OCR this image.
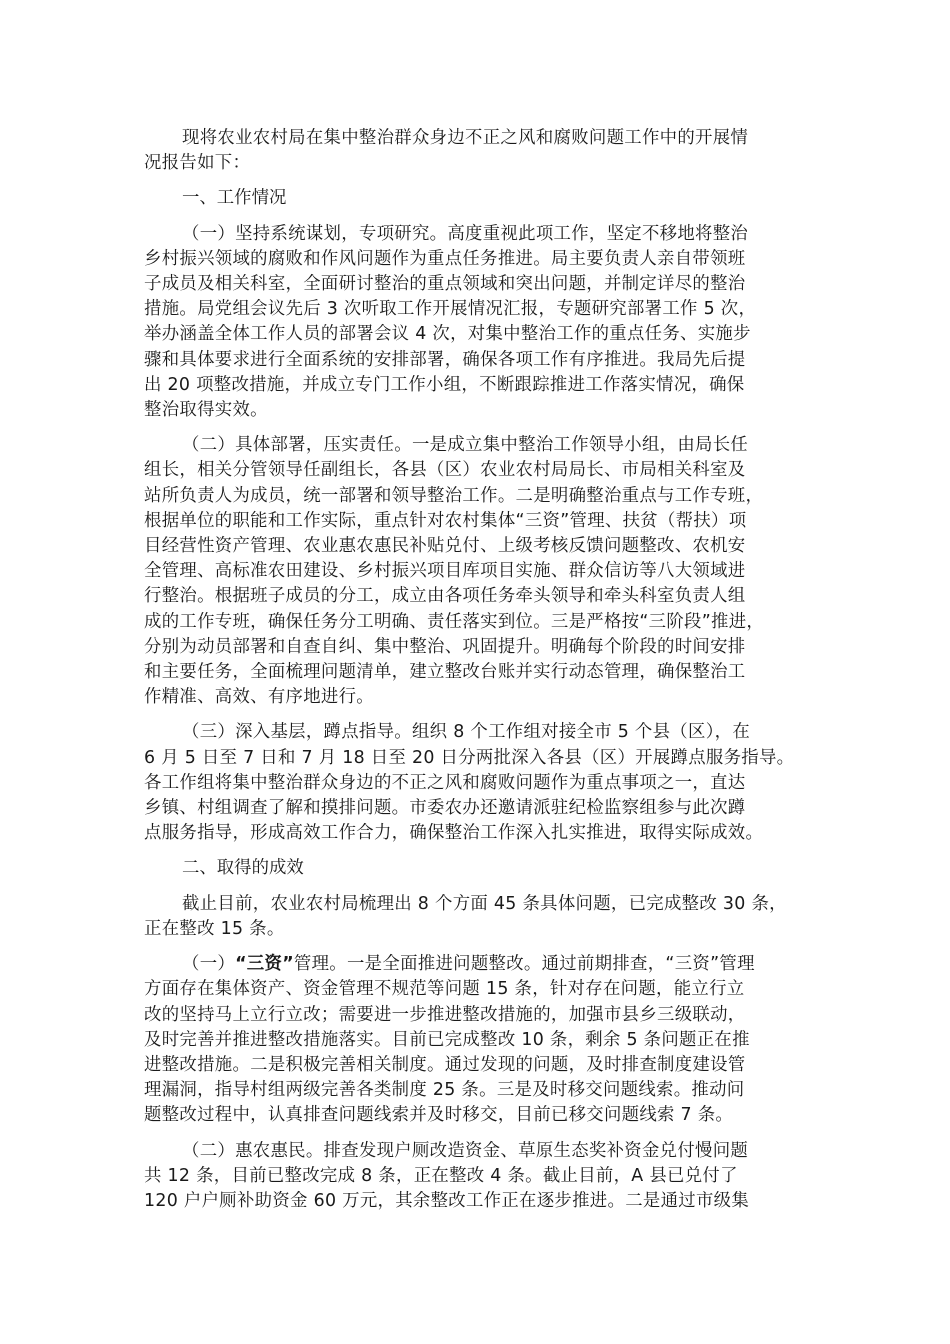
现将农业农村局在集中整治群众身边不正之风和腐败问题工作中的开展情
况报告如下：

一、工作情况

（一）坚持系统谋划，专项研究。高度重视此项工作，坚定不移地将整治
乡村振兴领域的腐败和作风问题作为重点任务推进。局主要负责人亲自带领班
子成员及相关科室，全面研讨整治的重点领域和突出问题，并制定详尽的整治
措施。局党组会议先后 3 次听取工作开展情况汇报，专题研究部署工作 5 次，
举办涵盖全体工作人员的部署会议 4 次，对集中整治工作的重点任务、实施步
骤和具体要求进行全面系统的安排部署，确保各项工作有序推进。我局先后提
出 20 项整改措施，并成立专门工作小组，不断跟踪推进工作落实情况，确保
整治取得实效。

（二）具体部署，压实责任。一是成立集中整治工作领导小组，由局长任
组长，相关分管领导任副组长，各县（区）农业农村局局长、市局相关科室及
站所负责人为成员，统一部署和领导整治工作。二是明确整治重点与工作专班，
根据单位的职能和工作实际，重点针对农村集体“三资”管理、扶贫（帮扶）项
目经营性资产管理、农业惠农惠民补贴兑付、上级考核反馈问题整改、农机安
全管理、高标准农田建设、乡村振兴项目库项目实施、群众信访等八大领域进
行整治。根据班子成员的分工，成立由各项任务牵头领导和牵头科室负责人组
成的工作专班，确保任务分工明确、责任落实到位。三是严格按“三阶段”推进，
分别为动员部署和自查自纠、集中整治、巩固提升。明确每个阶段的时间安排
和主要任务，全面梳理问题清单，建立整改台账并实行动态管理，确保整治工
作精准、高效、有序地进行。

（三）深入基层，蹲点指导。组织 8 个工作组对接全市 5 个县（区），在
6 月 5 日至 7 日和 7 月 18 日至 20 日分两批深入各县（区）开展蹲点服务指导。
各工作组将集中整治群众身边的不正之风和腐败问题作为重点事项之一，直达
乡镇、村组调查了解和摸排问题。市委农办还邀请派驻纪检监察组参与此次蹲
点服务指导，形成高效工作合力，确保整治工作深入扎实推进，取得实际成效。

二、取得的成效

截止目前，农业农村局梳理出 8 个方面 45 条具体问题，已完成整改 30 条，
正在整改 15 条。

（一）“三资”管理。一是全面推进问题整改。通过前期排查，“三资”管理
方面存在集体资产、资金管理不规范等问题 15 条，针对存在问题，能立行立
改的坚持马上立行立改；需要进一步推进整改措施的，加强市县乡三级联动，
及时完善并推进整改措施落实。目前已完成整改 10 条，剩余 5 条问题正在推
进整改措施。二是积极完善相关制度。通过发现的问题，及时排查制度建设管
理漏洞，指导村组两级完善各类制度 25 条。三是及时移交问题线索。推动问
题整改过程中，认真排查问题线索并及时移交，目前已移交问题线索 7 条。

（二）惠农惠民。排查发现户厕改造资金、草原生态奖补资金兑付慢问题
共 12 条，目前已整改完成 8 条，正在整改 4 条。截止目前，A 县已兑付了
120 户户厕补助资金 60 万元，其余整改工作正在逐步推进。二是通过市级集
